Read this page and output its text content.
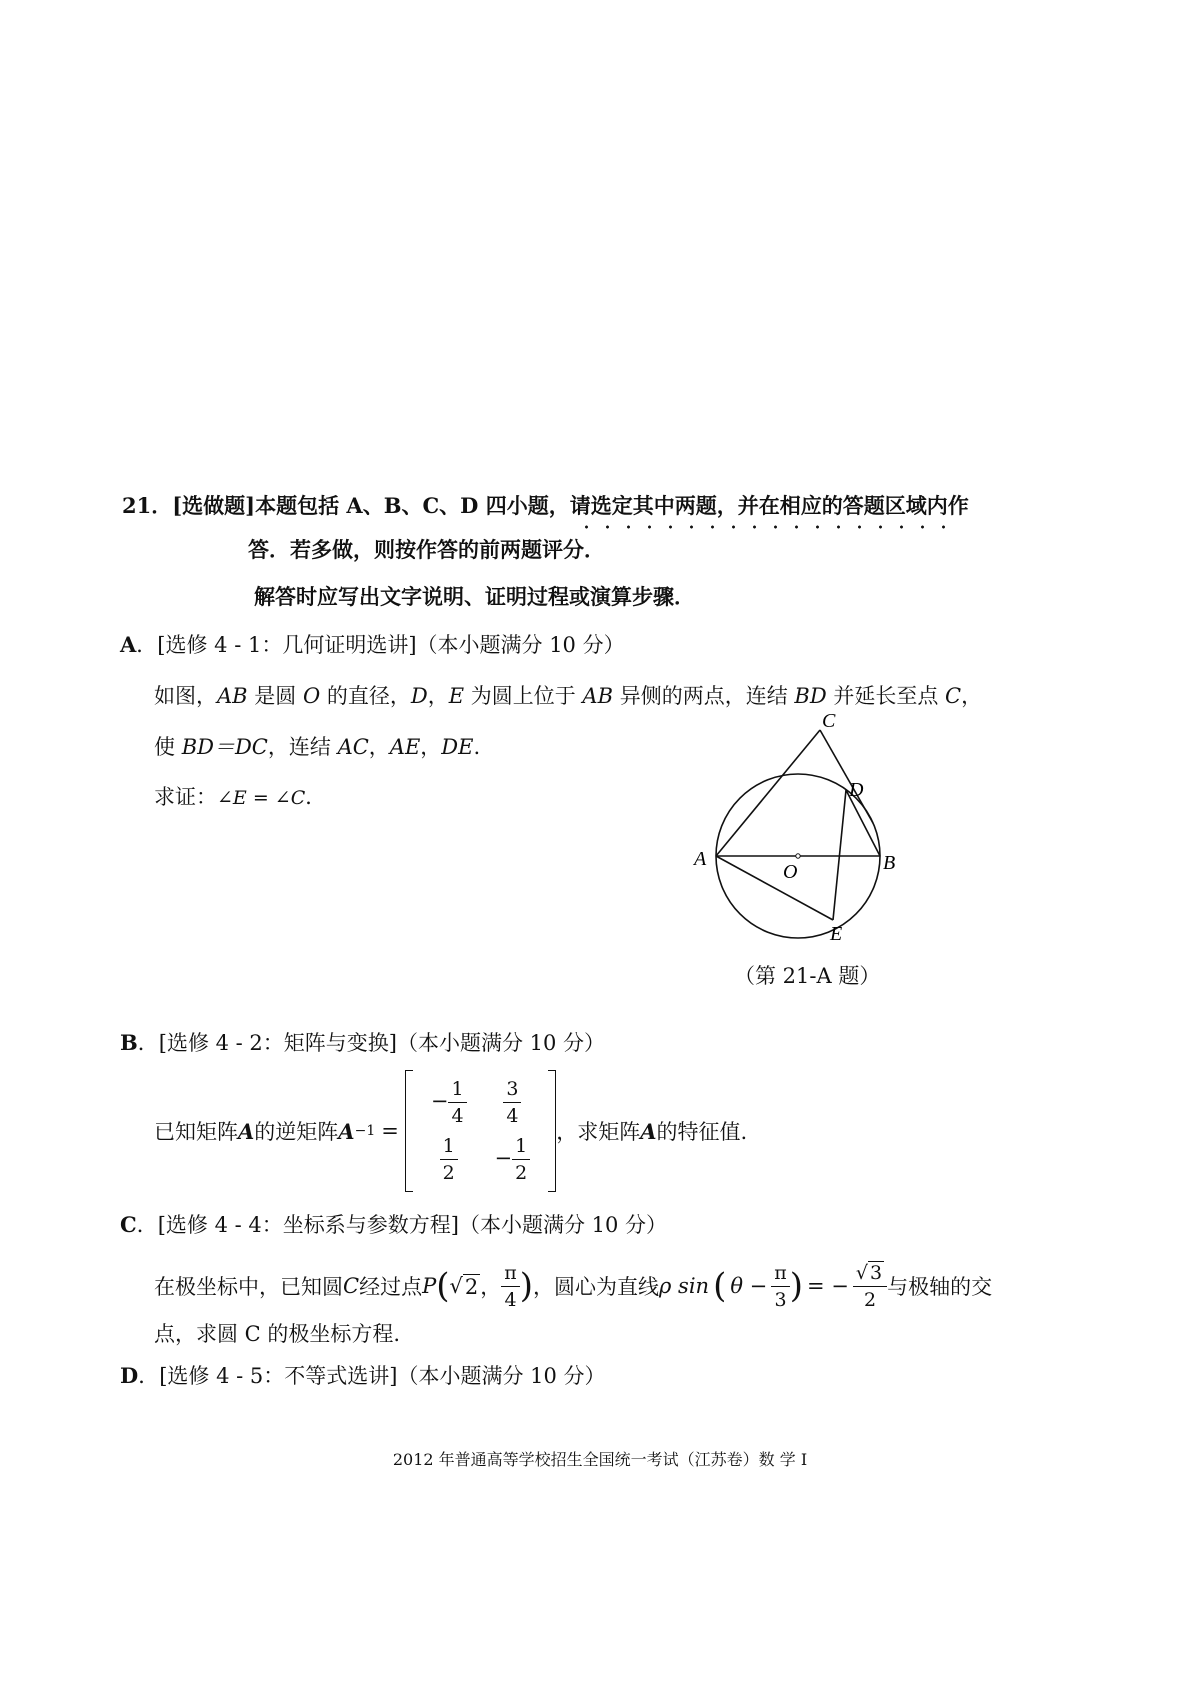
21．[选做题]本题包括 A、B、C、D 四小题，请选定其中两题，并在相应的答题区域内作
答．若多做，则按作答的前两题评分．
解答时应写出文字说明、证明过程或演算步骤．
A．[选修 4 - 1：几何证明选讲]（本小题满分 10 分）
如图，AB 是圆 O 的直径，D，E 为圆上位于 AB 异侧的两点，连结 BD 并延长至点 C，
使 BD＝DC，连结 AC，AE，DE.
求证：∠E = ∠C．
A	B
C
D
E
O
（第 21-A 题）
B．[选修 4 - 2：矩阵与变换]（本小题满分 10 分）
已知矩阵 A 的逆矩阵 A −1 =
− $\frac{1}{4}$	$\frac{3}{4}$

$\frac{1}{2}$	− $\frac{1}{2}$
，求矩阵 A 的特征值.
C．[选修 4 - 4：坐标系与参数方程]（本小题满分 10 分）
在极坐标中，已知圆 C 经过点 P ( √ 2 ， $\frac{\pi}{4}$ ) ，圆心为直线 ρ sin ( $\theta - \frac{\pi}{3}$ ) = − $\frac{√ 3}{2}$ 与极轴的交
点，求圆 C 的极坐标方程.
D．[选修 4 - 5：不等式选讲]（本小题满分 10 分）
2012 年普通高等学校招生全国统一考试（江苏卷）数 学 Ⅰ
